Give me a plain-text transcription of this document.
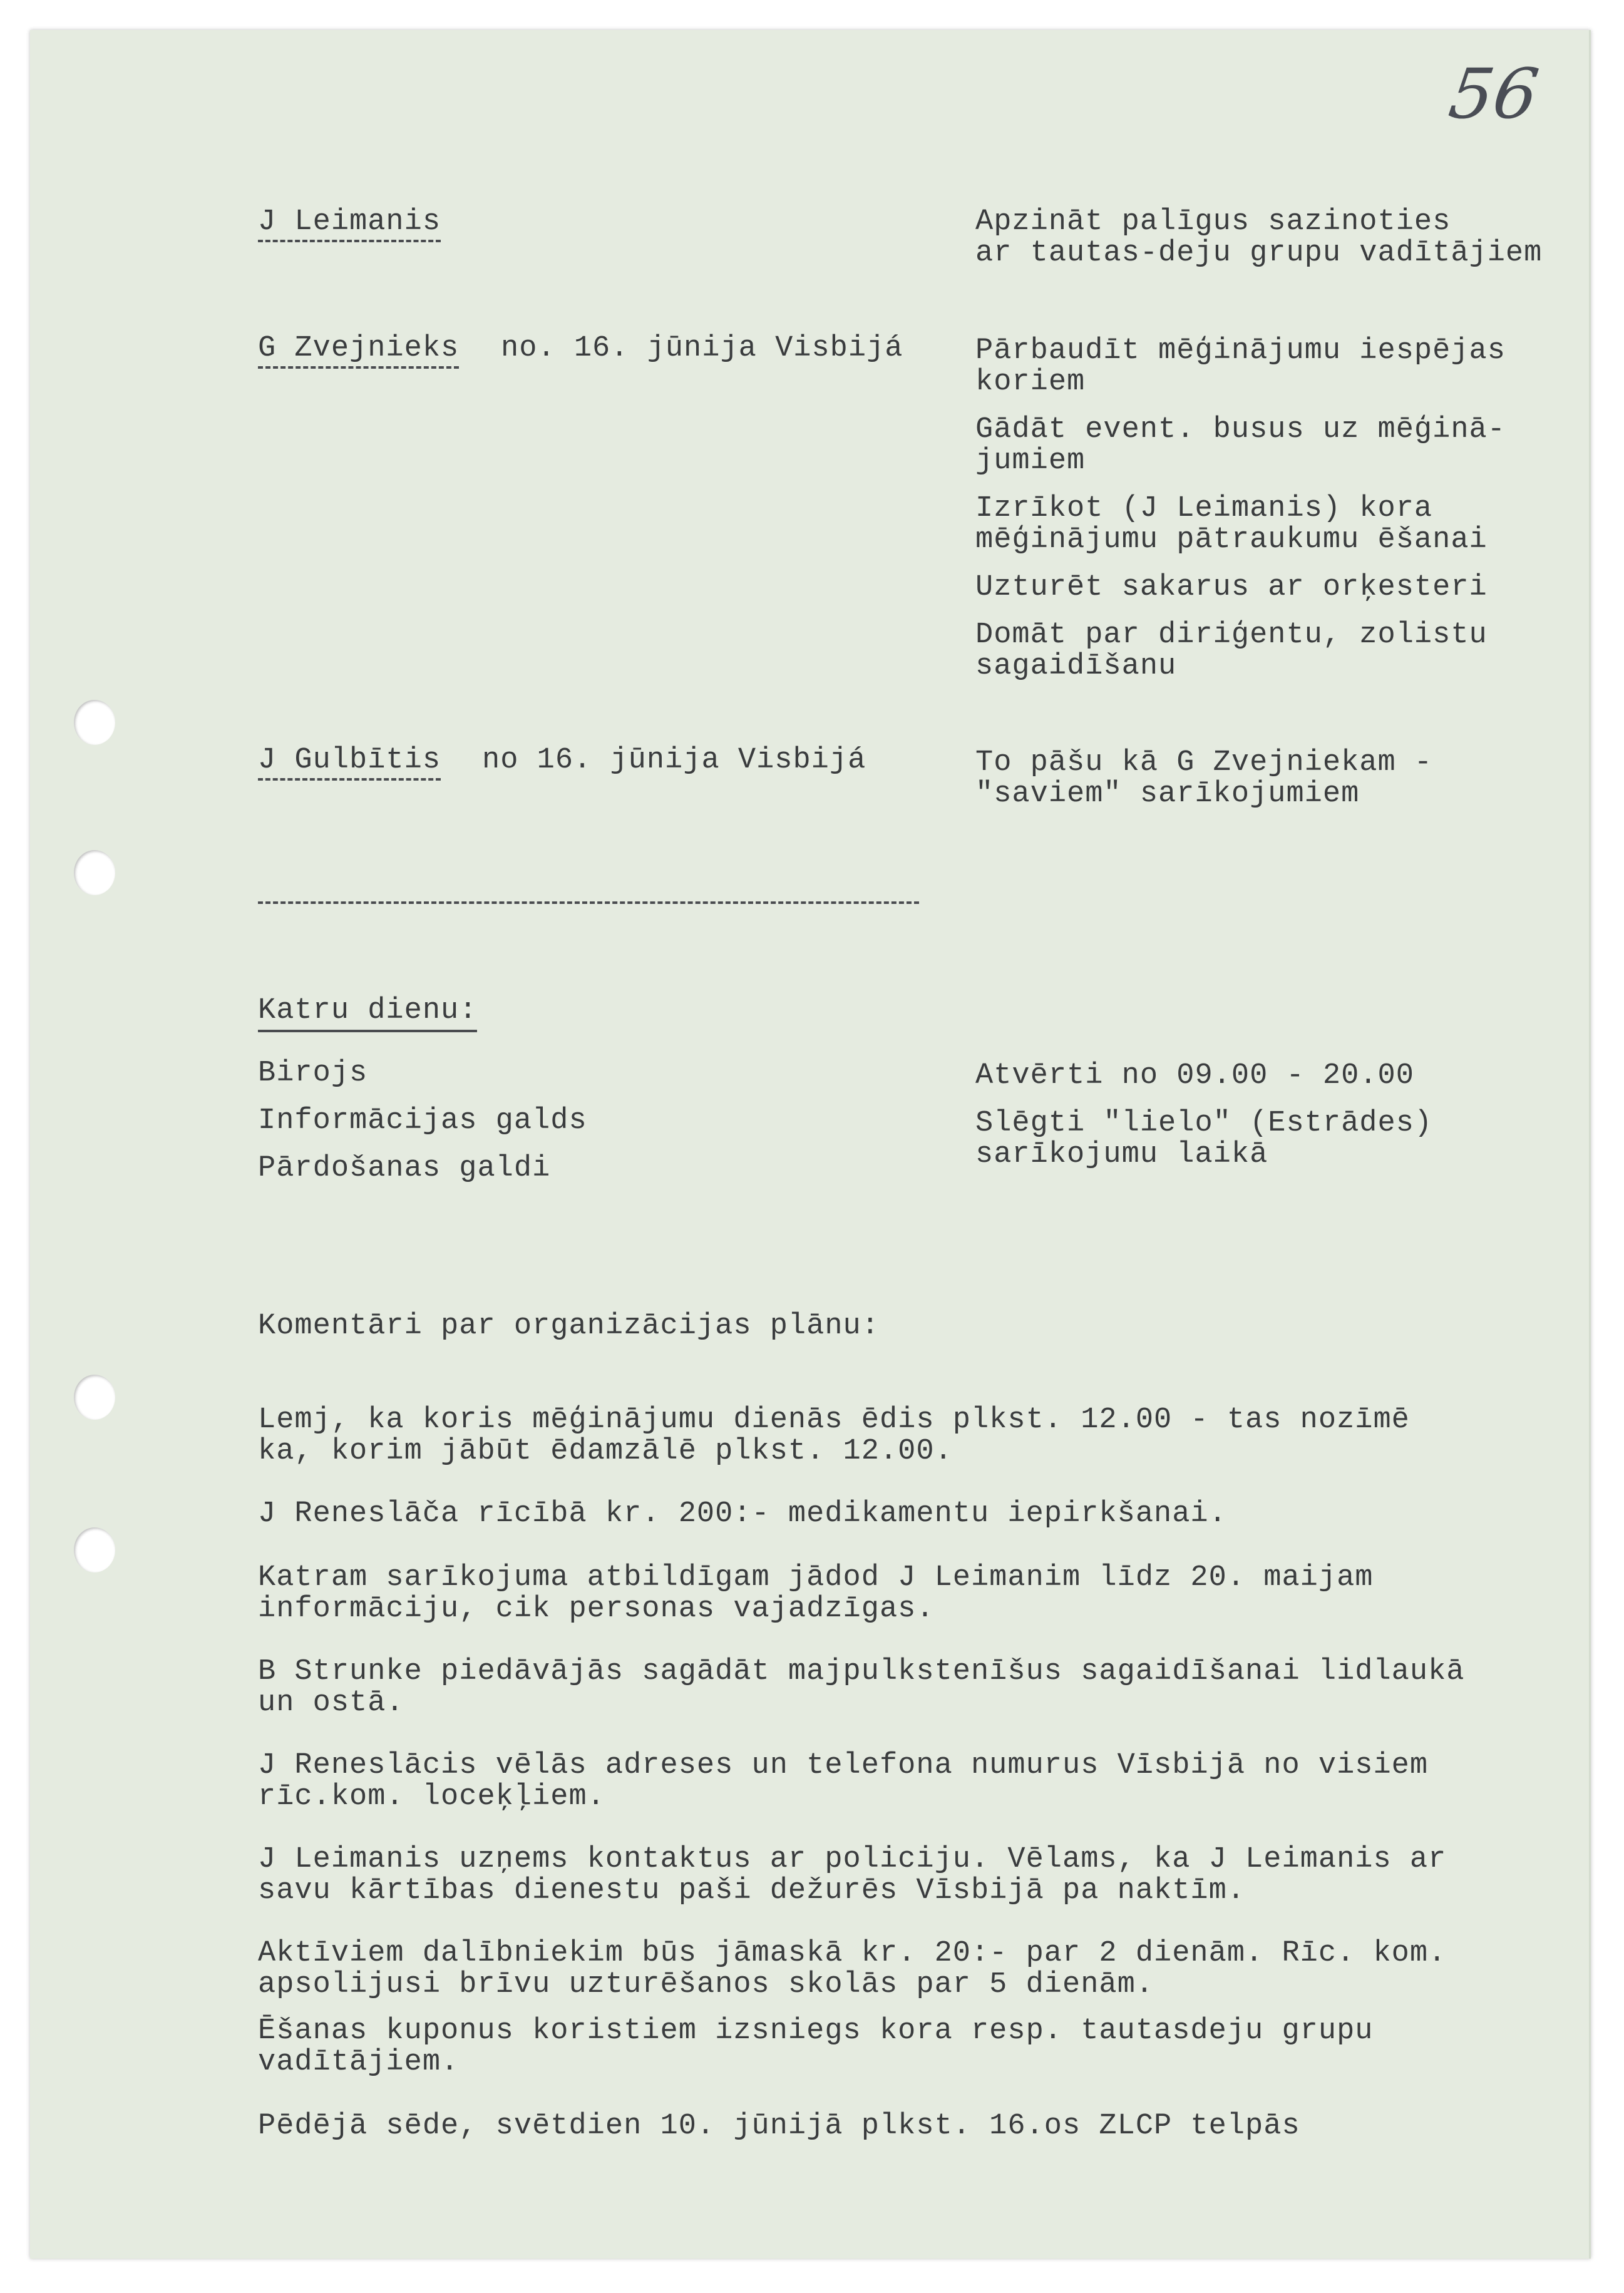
56
J Leimanis	Apzināt palīgus sazinoties
ar tautas-deju grupu vadītājiem
G Zvejnieks no. 16. jūnija Visbijá Pārbaudīt mēģinājumu iespējas
koriem
Gādāt event. busus uz mēģinā-
jumiem
Izrīkot (J Leimanis) kora
mēģinājumu pātraukumu ēšanai
Uzturēt sakarus ar orķesteri
Domāt par diriģentu, zolistu
sagaidīšanu
J Gulbītis no 16. jūnija Visbijá	To pāšu kā G Zvejniekam -
"saviem" sarīkojumiem
Katru dienu:
Birojs
Informācijas galds
Pārdošanas galdi
Atvērti no 09.00 - 20.00
Slēgti "lielo" (Estrādes)
sarīkojumu laikā
Komentāri par organizācijas plānu:
Lemj, ka koris mēģinājumu dienās ēdis plkst. 12.00 - tas nozīmē
ka, korim jābūt ēdamzālē plkst. 12.00.
J Reneslāča rīcībā kr. 200:- medikamentu iepirkšanai.
Katram sarīkojuma atbildīgam jādod J Leimanim līdz 20. maijam
informāciju, cik personas vajadzīgas.
B Strunke piedāvājās sagādāt majpulkstenīšus sagaidīšanai lidlaukā
un ostā.
J Reneslācis vēlās adreses un telefona numurus Vīsbijā no visiem
rīc.kom. loceķļiem.
J Leimanis uzņems kontaktus ar policiju. Vēlams, ka J Leimanis ar
savu kārtības dienestu paši dežurēs Vīsbijā pa naktīm.
Aktīviem dalībniekim būs jāmaskā kr. 20:- par 2 dienām. Rīc. kom.
apsolijusi brīvu uzturēšanos skolās par 5 dienām.
Ēšanas kuponus koristiem izsniegs kora resp. tautasdeju grupu
vadītājiem.
Pēdējā sēde, svētdien 10. jūnijā plkst. 16.os ZLCP telpās
